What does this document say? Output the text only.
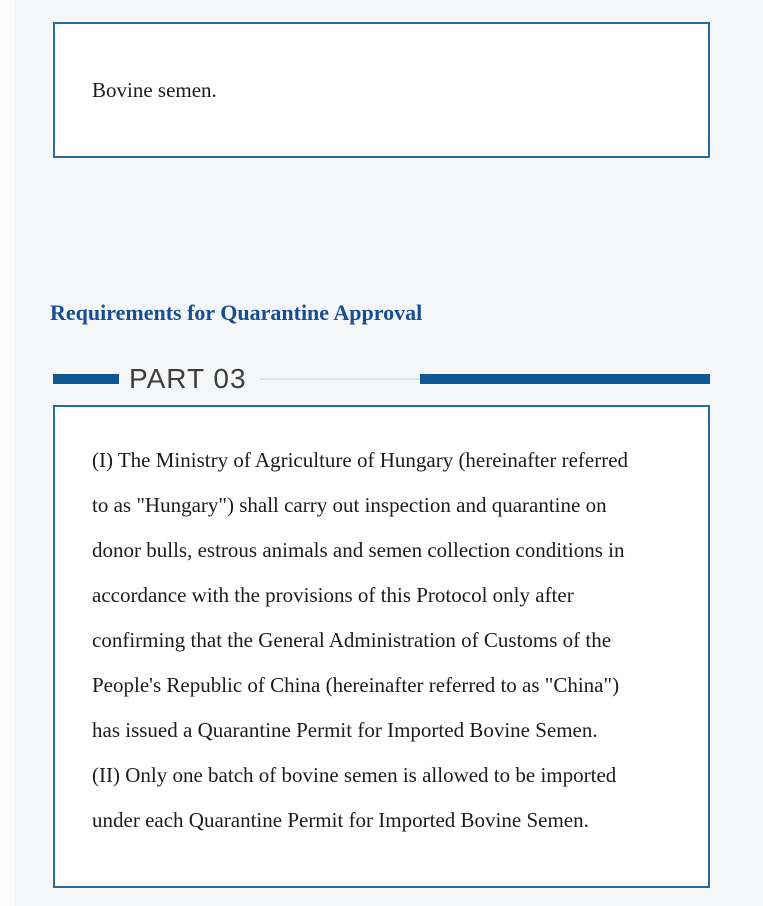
Bovine semen.

Requirements for Quarantine Approval
PART 03
(I) The Ministry of Agriculture of Hungary (hereinafter referred
to as "Hungary") shall carry out inspection and quarantine on
donor bulls, estrous animals and semen collection conditions in
accordance with the provisions of this Protocol only after
confirming that the General Administration of Customs of the
People's Republic of China (hereinafter referred to as "China")
has issued a Quarantine Permit for Imported Bovine Semen.
(II) Only one batch of bovine semen is allowed to be imported
under each Quarantine Permit for Imported Bovine Semen.
